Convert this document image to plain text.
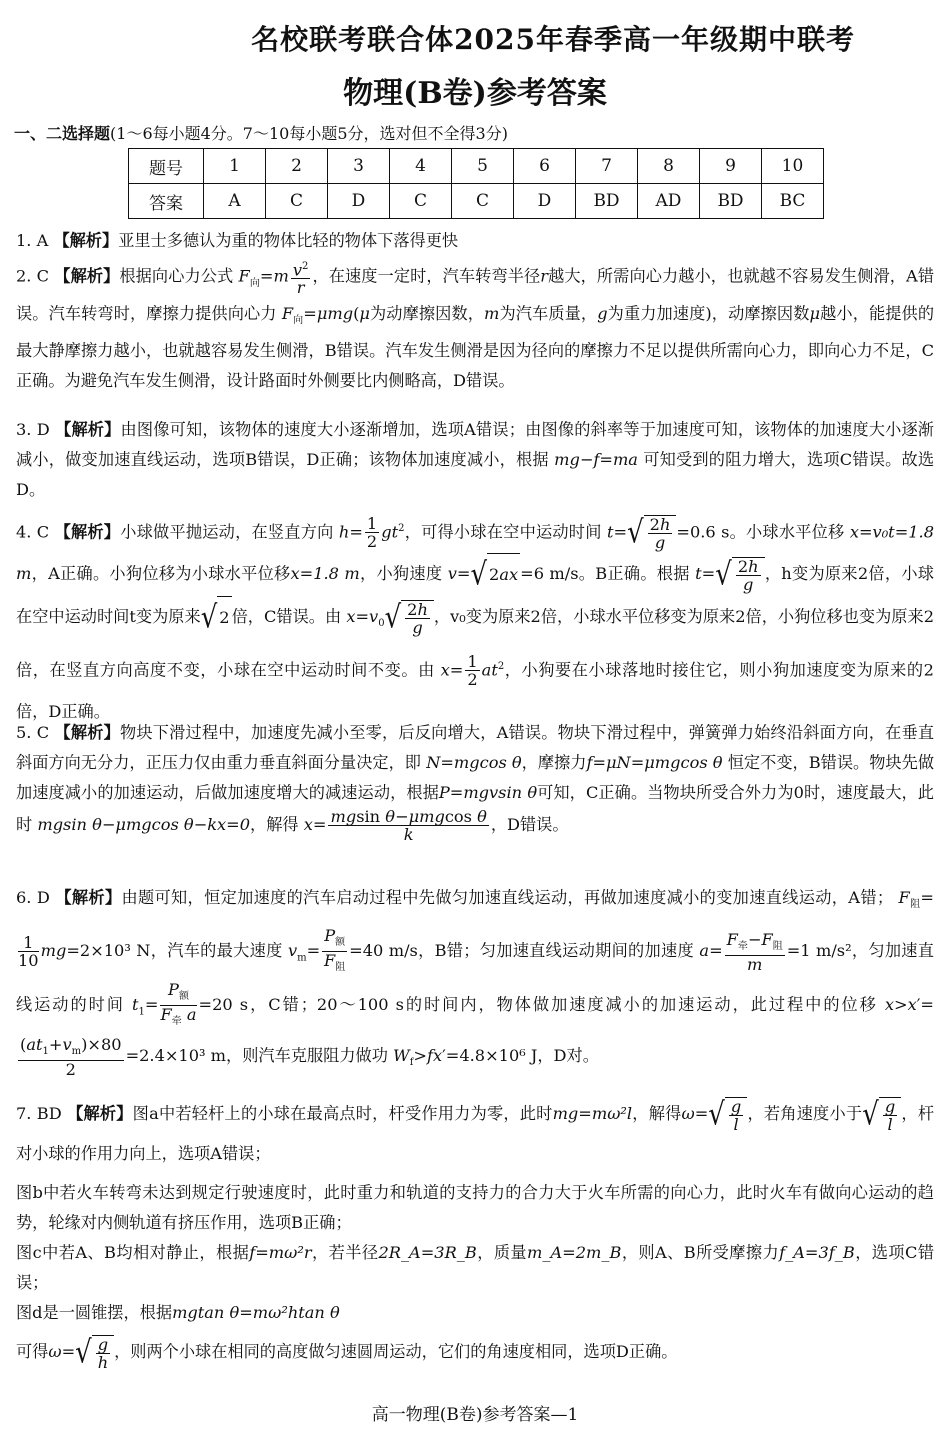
名校联考联合体2025年春季高一年级期中联考
物理(B卷)参考答案
一、二选择题(1～6每小题4分。7～10每小题5分，选对但不全得3分)
题号	1	2	3	4	5	6	7	8	9	10
答案	A	C	D	C	C	D	BD	AD	BD	BC
1. A 【解析】亚里士多德认为重的物体比轻的物体下落得更快
2. C 【解析】根据向心力公式 $F_向=m \frac{v^2}{r}$ ，在速度一定时，汽车转弯半径r越大，所需向心力越小，也就越不容易发生侧滑，A错误。汽车转弯时，摩擦力提供向心力 $F_向=\mu mg(\mu$为动摩擦因数，m为汽车质量，g为重力加速度)，动摩擦因数μ越小，能提供的最大静摩擦力越小，也就越容易发生侧滑，B错误。汽车发生侧滑是因为径向的摩擦力不足以提供所需向心力，即向心力不足，C正确。为避免汽车发生侧滑，设计路面时外侧要比内侧略高，D错误。
3. D 【解析】由图像可知，该物体的速度大小逐渐增加，选项A错误；由图像的斜率等于加速度可知，该物体的加速度大小逐渐减小，做变加速直线运动，选项B错误，D正确；该物体加速度减小，根据 mg−f=ma 可知受到的阻力增大，选项C错误。故选D。
4. C 【解析】小球做平抛运动，在竖直方向 $h= \frac{1}{2} gt^2$，可得小球在空中运动时间 t= √ $\frac{2h}{g} =0.6$ s。小球水平位移 x=v₀t=1.8 m，A正确。小狗位移为小球水平位移x=1.8 m，小狗速度 v= √ 2 ax =6 m/s。B正确。根据 t= √ $\frac{2h}{g}$ ，h变为原来2倍，小球在空中运动时间t变为原来 √ 2 倍，C错误。由 $x=v_0$ √ $\frac{2h}{g}$ ，v₀变为原来2倍，小球水平位移变为原来2倍，小狗位移也变为原来2倍，在竖直方向高度不变，小球在空中运动时间不变。由 $x= \frac{1}{2} at^2$，小狗要在小球落地时接住它，则小狗加速度变为原来的2倍，D正确。
5. C 【解析】物块下滑过程中，加速度先减小至零，后反向增大，A错误。物块下滑过程中，弹簧弹力始终沿斜面方向，在垂直斜面方向无分力，正压力仅由重力垂直斜面分量决定，即 N=mgcos θ，摩擦力f=μN=μmgcos θ 恒定不变，B错误。物块先做加速度减小的加速运动，后做加速度增大的减速运动，根据P=mgvsin θ可知，C正确。当物块所受合外力为0时，速度最大，此时 mgsin θ−μmgcos θ−kx=0，解得 $x= \frac{\text{mgsin θ−μmgcos θ}}{k}$ ，D错误。
6. D 【解析】由题可知，恒定加速度的汽车启动过程中先做匀加速直线运动，再做加速度减小的变加速直线运动，A错； $F_阻=$
$\frac{1}{10} mg=2\times 10^3$ N，汽车的最大速度 $v_m= \frac{P_额}{F_阻} =40$ m/s，B错；匀加速直线运动期间的加速度 $a= \frac{F_牵-F_阻}{m} =1$ m/s²，匀加速直线运动的时间 $t_1= \frac{P_额}{F_牵 a} =20$ s，C错；20～100 s的时间内，物体做加速度减小的加速运动，此过程中的位移 x>x′=
$\frac{(at_1+v_m)\times 80}{2} =2.4\times 10^3$ m，则汽车克服阻力做功 $W_f>fx'=4.8\times 10^6$ J，D对。
7. BD 【解析】图a中若轻杆上的小球在最高点时，杆受作用力为零，此时mg=mω²l，解得ω= √ $\frac{g}{l}$ ，若角速度小于 √ $\frac{g}{l}$ ，杆对小球的作用力向上，选项A错误；
图b中若火车转弯未达到规定行驶速度时，此时重力和轨道的支持力的合力大于火车所需的向心力，此时火车有做向心运动的趋势，轮缘对内侧轨道有挤压作用，选项B正确；
图c中若A、B均相对静止，根据f=mω²r，若半径2R_A=3R_B，质量m_A=2m_B，则A、B所受摩擦力f_A=3f_B，选项C错误；
图d是一圆锥摆，根据mgtan θ=mω²htan θ
可得ω= √ $\frac{g}{h}$ ，则两个小球在相同的高度做匀速圆周运动，它们的角速度相同，选项D正确。
高一物理(B卷)参考答案—1
